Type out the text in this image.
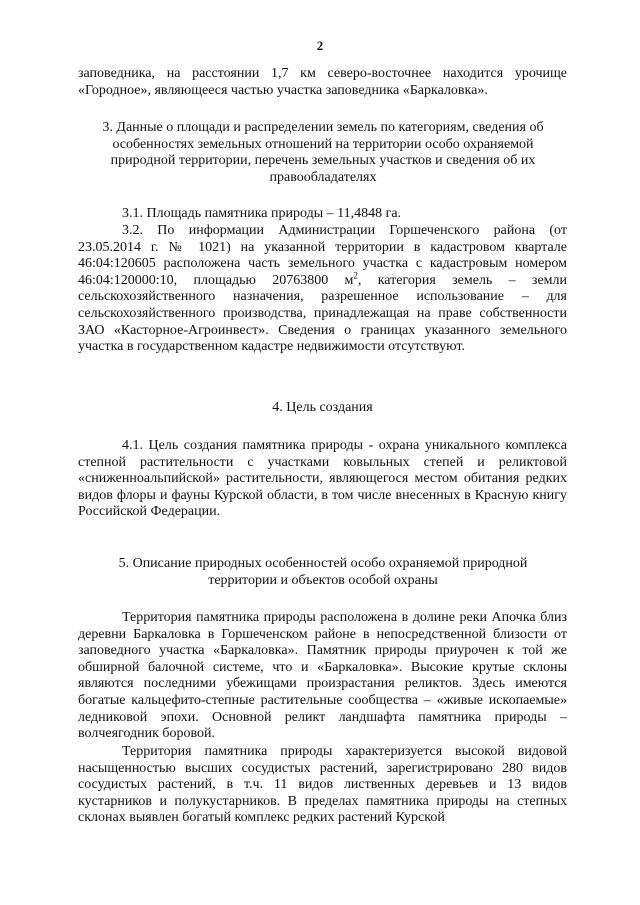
2

заповедника, на расстоянии 1,7 км северо-восточнее находится урочище «Городное», являющееся частью участка заповедника «Баркаловка».

3. Данные о площади и распределении земель по категориям, сведения об особенностях земельных отношений на территории особо охраняемой природной территории, перечень земельных участков и сведения об их правообладателях

3.1. Площадь памятника природы – 11,4848 га.

3.2. По информации Администрации Горшеченского района (от 23.05.2014 г. № 1021) на указанной территории в кадастровом квартале 46:04:120605 расположена часть земельного участка с кадастровым номером 46:04:120000:10, площадью 20763800 $м^2$, категория земель – земли сельскохозяйственного назначения, разрешенное использование – для сельскохозяйственного производства, принадлежащая на праве собственности ЗАО «Касторное-Агроинвест». Сведения о границах указанного земельного участка в государственном кадастре недвижимости отсутствуют.

4. Цель создания

4.1. Цель создания памятника природы - охрана уникального комплекса степной растительности с участками ковыльных степей и реликтовой «сниженноальпийской» растительности, являющегося местом обитания редких видов флоры и фауны Курской области, в том числе внесенных в Красную книгу Российской Федерации.

5. Описание природных особенностей особо охраняемой природной территории и объектов особой охраны

Территория памятника природы расположена в долине реки Апочка близ деревни Баркаловка в Горшеченском районе в непосредственной близости от заповедного участка «Баркаловка». Памятник природы приурочен к той же обширной балочной системе, что и «Баркаловка». Высокие крутые склоны являются последними убежищами произрастания реликтов. Здесь имеются богатые кальцефито-степные растительные сообщества – «живые ископаемые» ледниковой эпохи. Основной реликт ландшафта памятника природы – волчеягодник боровой.

Территория памятника природы характеризуется высокой видовой насыщенностью высших сосудистых растений, зарегистрировано 280 видов сосудистых растений, в т.ч. 11 видов лиственных деревьев и 13 видов кустарников и полукустарников. В пределах памятника природы на степных склонах выявлен богатый комплекс редких растений Курской
